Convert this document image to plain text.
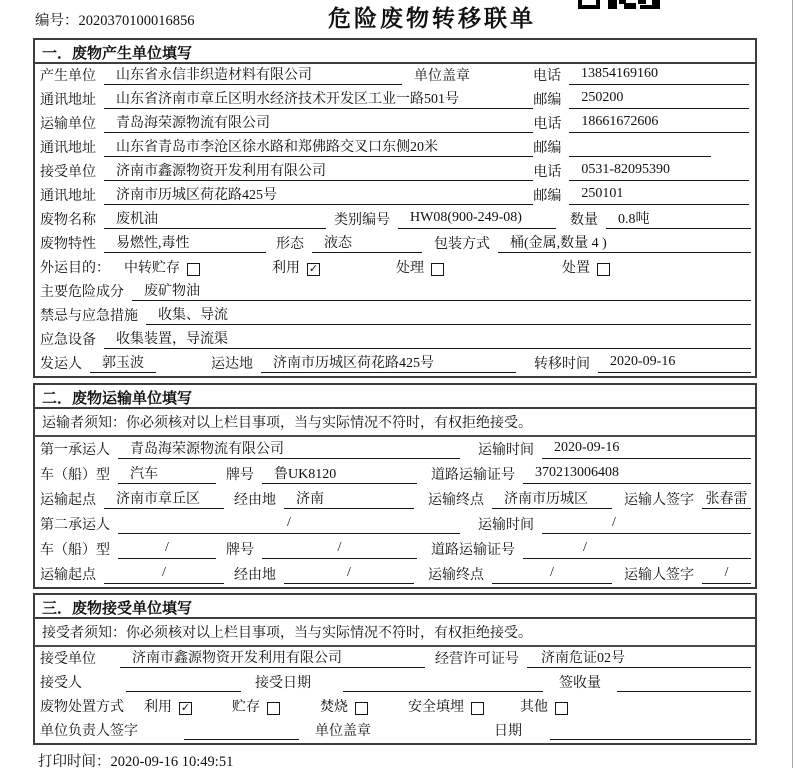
编号：2020370100016856	危险废物转移联单
一．废物产生单位填写
产生单位	山东省永信非织造材料有限公司	单位盖章	电话	13854169160
通讯地址	山东省济南市章丘区明水经济技术开发区工业一路501号	邮编	250200
运输单位	青岛海荣源物流有限公司	电话	18661672606
通讯地址	山东省青岛市李沧区徐水路和郑佛路交叉口东侧20米	邮编
接受单位	济南市鑫源物资开发利用有限公司	电话	0531-82095390
通讯地址	济南市历城区荷花路425号	邮编	250101
废物名称	废机油	类别编号	HW08(900-249-08)	数量	0.8吨
废物特性	易燃性,毒性	形态	液态	包装方式	桶(金属,数量 4 )
外运目的： 中转贮存	利用 ✓	处理	处置
主要危险成分	废矿物油
禁忌与应急措施	收集、导流
应急设备	收集装置，导流渠
发运人	郭玉波	运达地	济南市历城区荷花路425号	转移时间	2020-09-16
二．废物运输单位填写
运输者须知：你必须核对以上栏目事项，当与实际情况不符时，有权拒绝接受。
第一承运人	青岛海荣源物流有限公司	运输时间	2020-09-16
车（船）型	汽车	牌号	鲁UK8120	道路运输证号	370213006408
运输起点	济南市章丘区	经由地	济南	运输终点	济南市历城区	运输人签字 张春雷
第二承运人	/	运输时间	/
车（船）型	/	牌号	/	道路运输证号	/
运输起点	/	经由地	/	运输终点	/	运输人签字	/
三．废物接受单位填写
接受者须知：你必须核对以上栏目事项，当与实际情况不符时，有权拒绝接受。
接受单位	济南市鑫源物资开发利用有限公司	经营许可证号	济南危证02号
接受人	接受日期	签收量
废物处置方式 利用 ✓	贮存	焚烧	安全填埋	其他
单位负责人签字	单位盖章	日期
打印时间：2020-09-16 10:49:51
